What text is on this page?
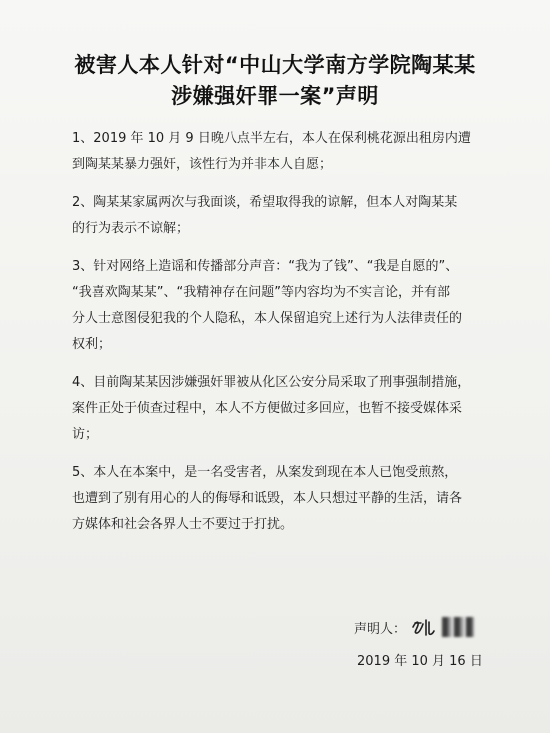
被害人本人针对“中山大学南方学院陶某某
涉嫌强奸罪一案”声明

1、2019 年 10 月 9 日晚八点半左右，本人在保利桃花源出租房内遭
到陶某某暴力强奸，该性行为并非本人自愿；

2、陶某某家属两次与我面谈，希望取得我的谅解，但本人对陶某某
的行为表示不谅解；

3、针对网络上造谣和传播部分声音：“我为了钱”、“我是自愿的”、
“我喜欢陶某某”、“我精神存在问题”等内容均为不实言论，并有部
分人士意图侵犯我的个人隐私，本人保留追究上述行为人法律责任的
权利；

4、目前陶某某因涉嫌强奸罪被从化区公安分局采取了刑事强制措施，
案件正处于侦查过程中，本人不方便做过多回应，也暂不接受媒体采
访；

5、本人在本案中，是一名受害者，从案发到现在本人已饱受煎熬，
也遭到了别有用心的人的侮辱和诋毁，本人只想过平静的生活，请各
方媒体和社会各界人士不要过于打扰。

声明人：
2019 年 10 月 16 日
